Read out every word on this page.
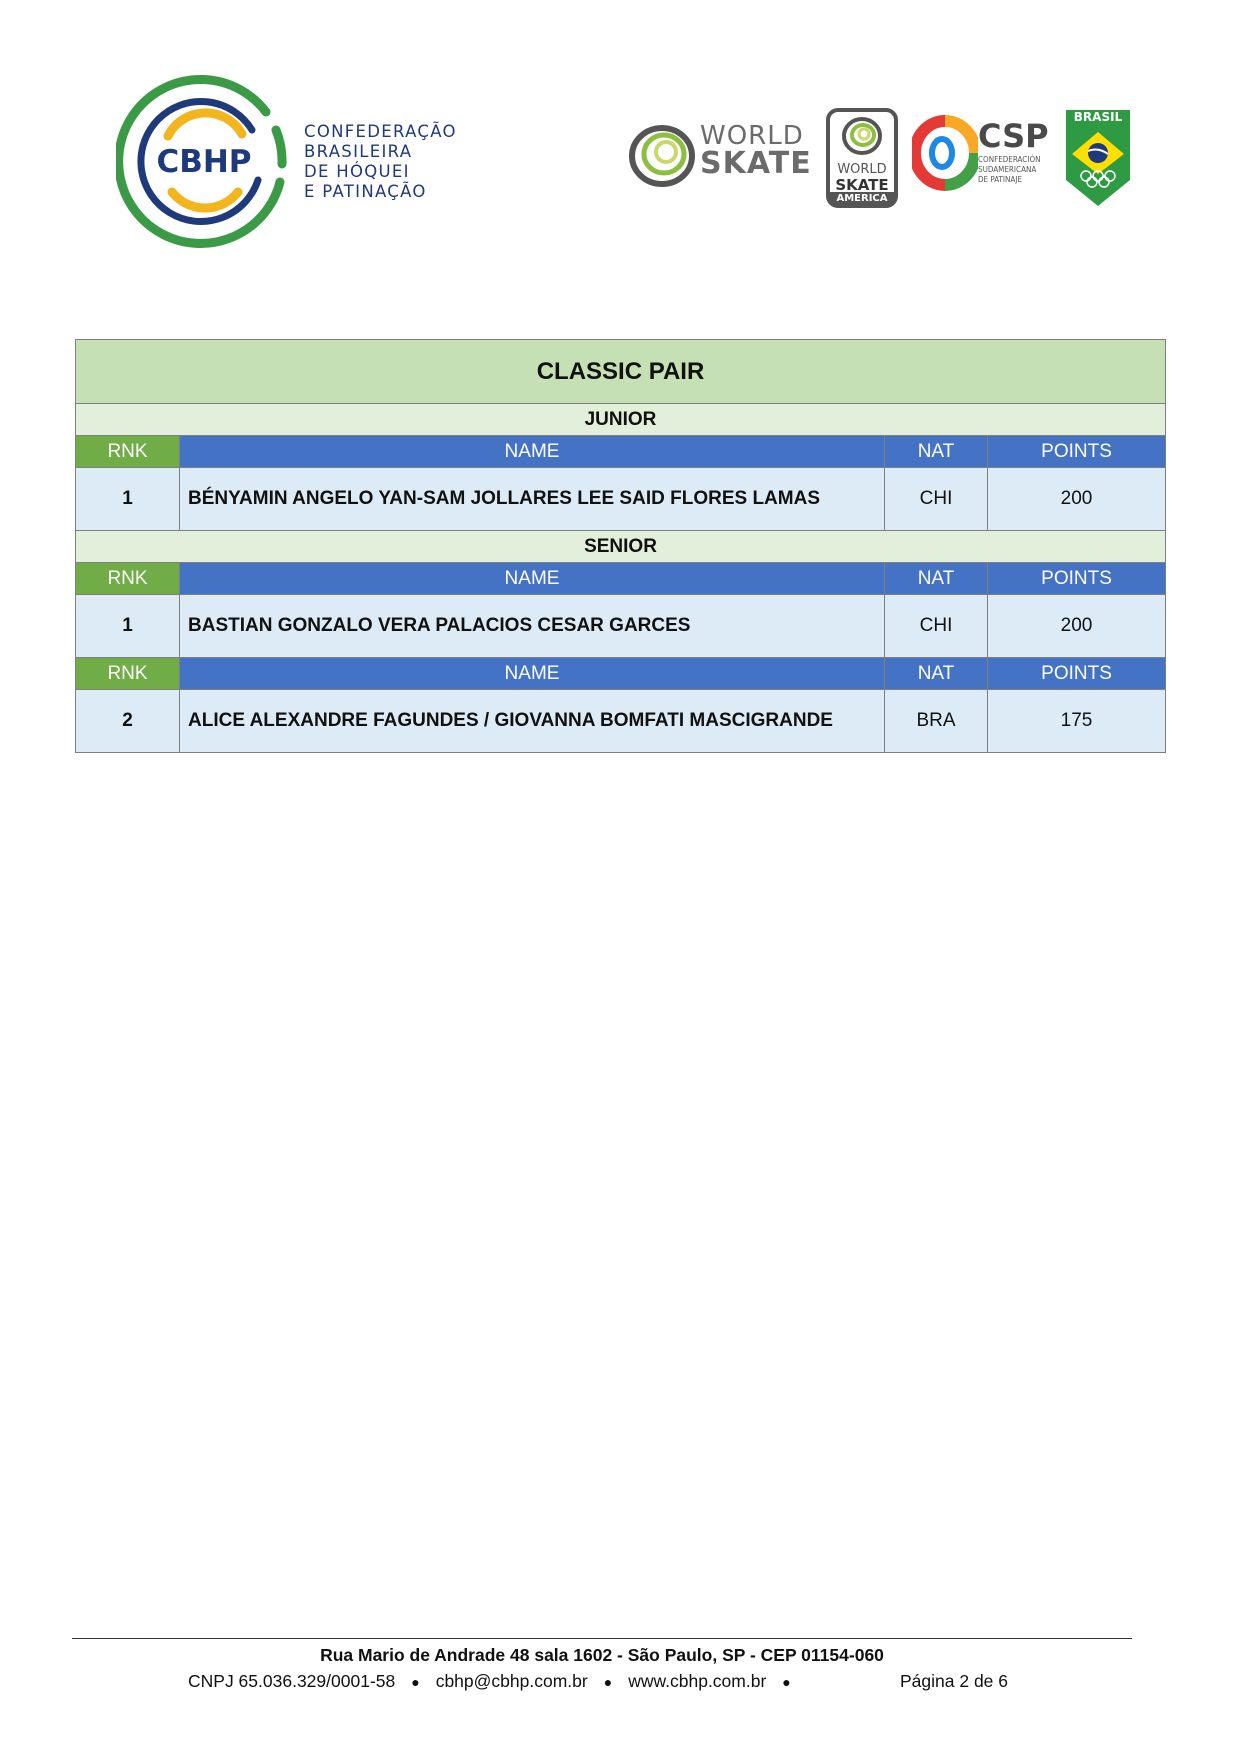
CBHP
CONFEDERAÇÃO
BRASILEIRA
DE HÓQUEI
E PATINAÇÃO
WORLD
SKATE	WORLD
SKATE
AMERICA
CSP
CONFEDERACIÓN
SUDAMERICANA
DE PATINAJE
BRASIL
CLASSIC PAIR			
JUNIOR			
RNK	NAME	NAT	POINTS
1	BÉNYAMIN ANGELO YAN-SAM JOLLARES LEE SAID FLORES LAMAS	CHI	200
SENIOR			
RNK	NAME	NAT	POINTS
1	BASTIAN GONZALO VERA PALACIOS CESAR GARCES	CHI	200
RNK	NAME	NAT	POINTS
2	ALICE ALEXANDRE FAGUNDES / GIOVANNA BOMFATI MASCIGRANDE	BRA	175
Rua Mario de Andrade 48 sala 1602 - São Paulo, SP - CEP 01154-060
CNPJ 65.036.329/0001-58 ● cbhp@cbhp.com.br ● www.cbhp.com.br ●	Página 2 de 6
